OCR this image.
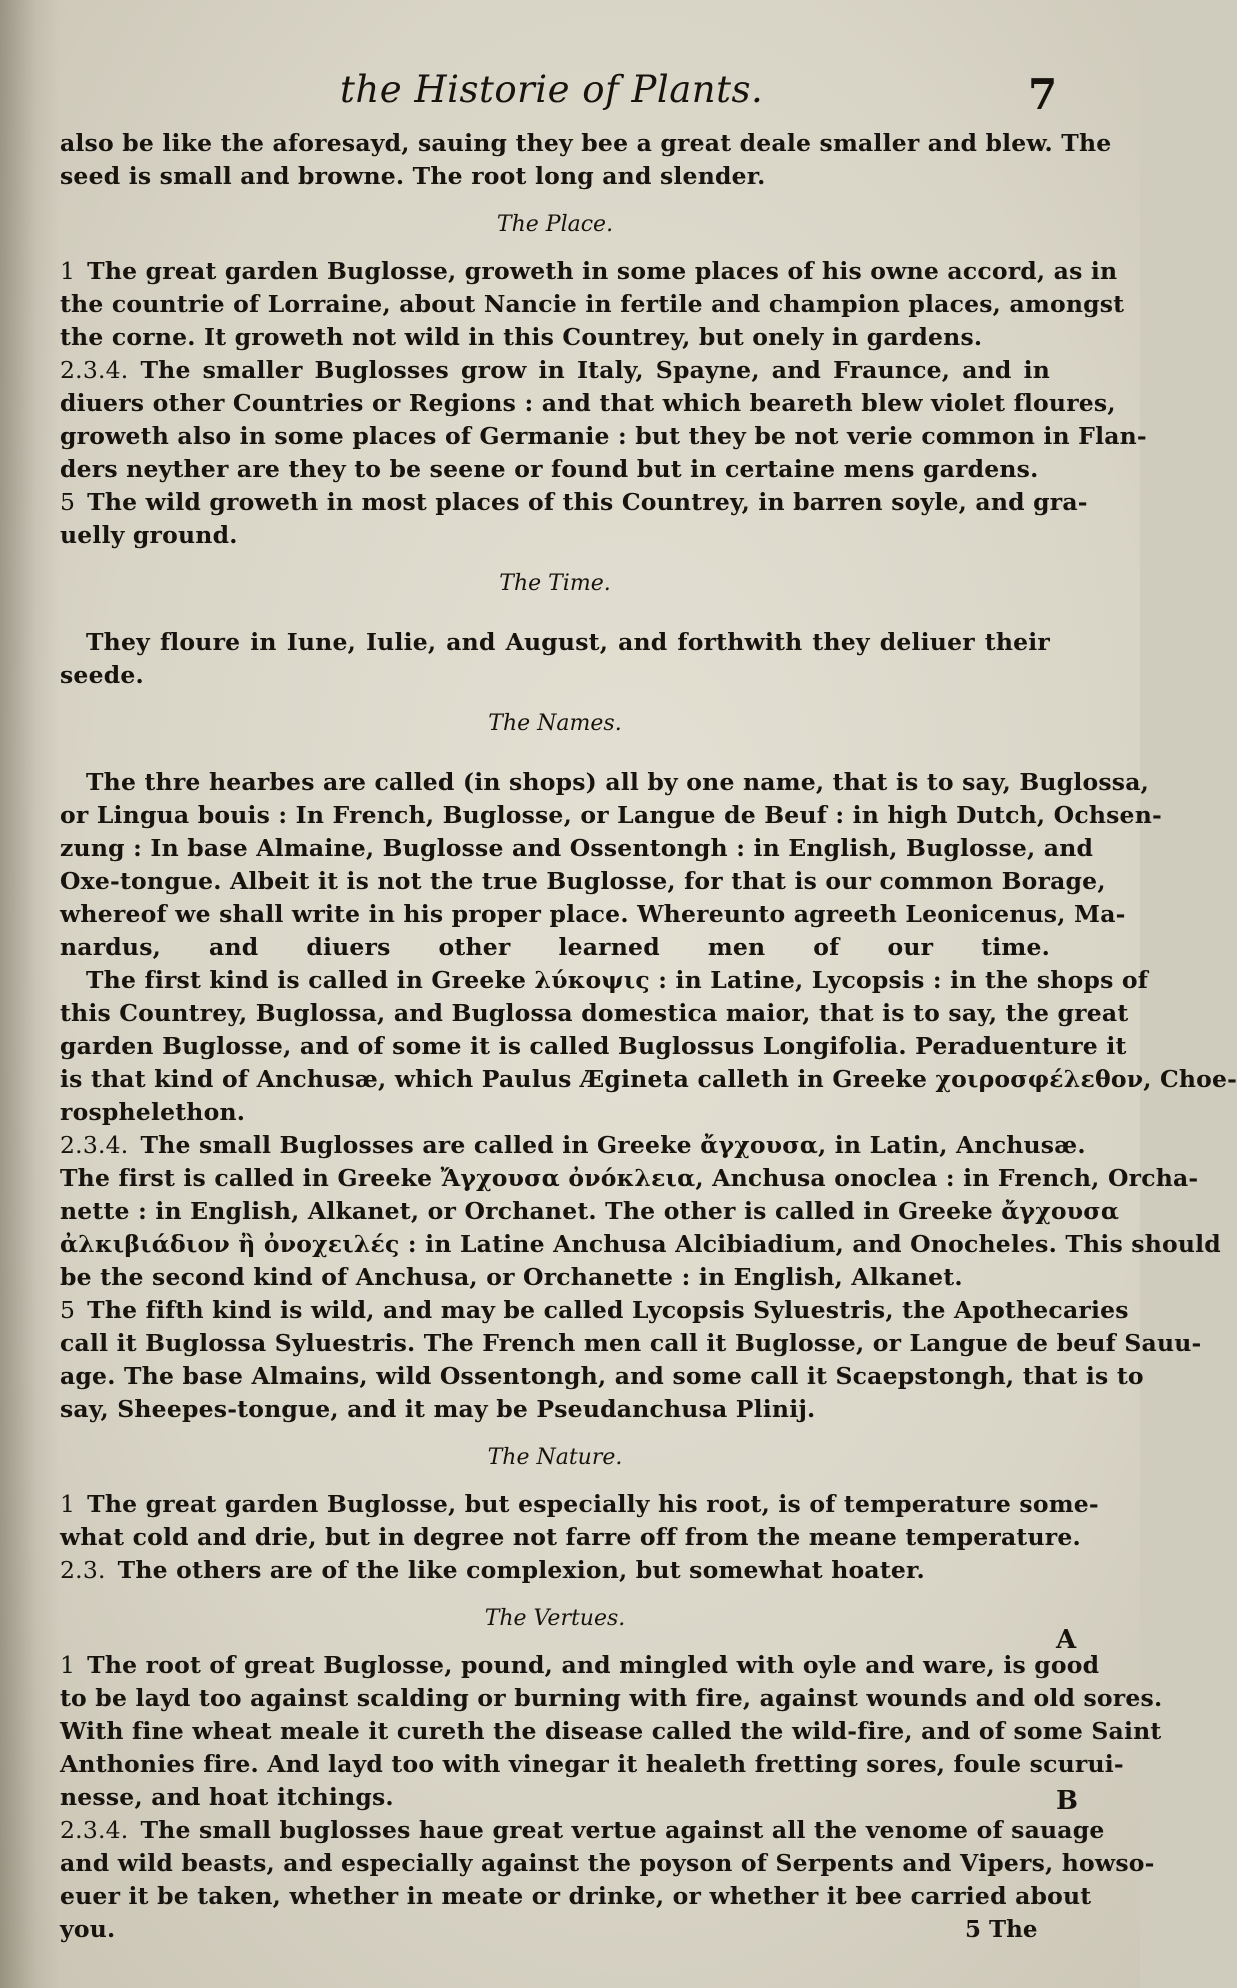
the Historie of Plants.	7
also be like the aforesayd, sauing they bee a great deale smaller and blew. The
seed is small and browne. The root long and slender.
The Place.
1 The great garden Buglosse, groweth in some places of his owne accord, as in
the countrie of Lorraine, about Nancie in fertile and champion places, amongst
the corne. It groweth not wild in this Countrey, but onely in gardens.
2.3.4. The smaller Buglosses grow in Italy, Spayne, and Fraunce, and in
diuers other Countries or Regions : and that which beareth blew violet floures,
groweth also in some places of Germanie : but they be not verie common in Flan-
ders neyther are they to be seene or found but in certaine mens gardens.
5 The wild groweth in most places of this Countrey, in barren soyle, and gra-
uelly ground.
The Time.
They floure in Iune, Iulie, and August, and forthwith they deliuer their
seede.
The Names.
The thre hearbes are called (in shops) all by one name, that is to say, Buglossa,
or Lingua bouis : In French, Buglosse, or Langue de Beuf : in high Dutch, Ochsen-
zung : In base Almaine, Buglosse and Ossentongh : in English, Buglosse, and
Oxe-tongue. Albeit it is not the true Buglosse, for that is our common Borage,
whereof we shall write in his proper place. Whereunto agreeth Leonicenus, Ma-
nardus, and diuers other learned men of our time.
The first kind is called in Greeke λύκοψις : in Latine, Lycopsis : in the shops of
this Countrey, Buglossa, and Buglossa domestica maior, that is to say, the great
garden Buglosse, and of some it is called Buglossus Longifolia. Peraduenture it
is that kind of Anchusæ, which Paulus Ægineta calleth in Greeke χοιροσφέλεθον, Choe-
rosphelethon.
2.3.4. The small Buglosses are called in Greeke ἄγχουσα, in Latin, Anchusæ.
The first is called in Greeke Ἄγχουσα ὀνόκλεια, Anchusa onoclea : in French, Orcha-
nette : in English, Alkanet, or Orchanet. The other is called in Greeke ἄγχουσα
ἀλκιβιάδιον ἢ ὀνοχειλές : in Latine Anchusa Alcibiadium, and Onocheles. This should
be the second kind of Anchusa, or Orchanette : in English, Alkanet.
5 The fifth kind is wild, and may be called Lycopsis Syluestris, the Apothecaries
call it Buglossa Syluestris. The French men call it Buglosse, or Langue de beuf Sauu-
age. The base Almains, wild Ossentongh, and some call it Scaepstongh, that is to
say, Sheepes-tongue, and it may be Pseudanchusa Plinij.
The Nature.
1 The great garden Buglosse, but especially his root, is of temperature some-
what cold and drie, but in degree not farre off from the meane temperature.
2.3. The others are of the like complexion, but somewhat hoater.
The Vertues.
1 The root of great Buglosse, pound, and mingled with oyle and ware, is good
to be layd too against scalding or burning with fire, against wounds and old sores.
With fine wheat meale it cureth the disease called the wild-fire, and of some Saint
Anthonies fire. And layd too with vinegar it healeth fretting sores, foule scurui-
nesse, and hoat itchings.
2.3.4. The small buglosses haue great vertue against all the venome of sauage
and wild beasts, and especially against the poyson of Serpents and Vipers, howso-
euer it be taken, whether in meate or drinke, or whether it bee carried about
you.
A
B
5 The
